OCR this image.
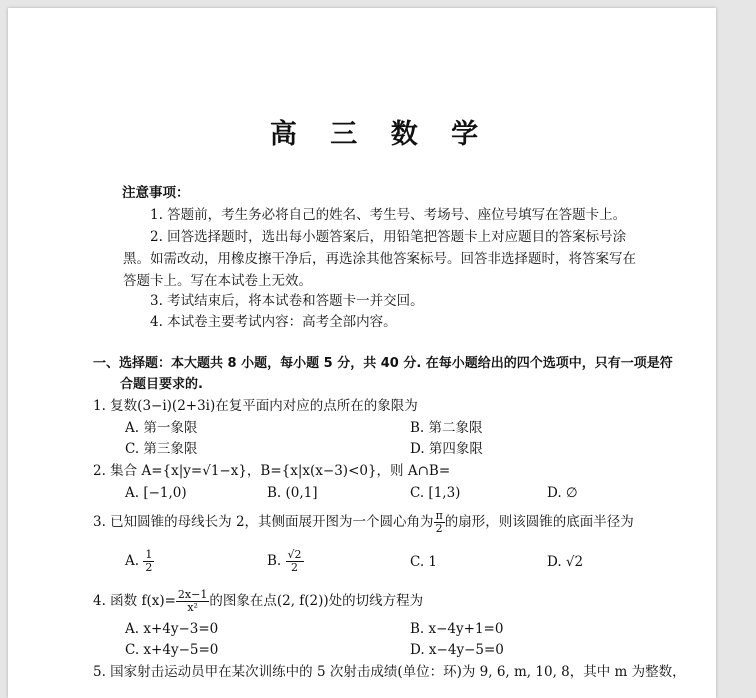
高 三 数 学
注意事项：
1. 答题前，考生务必将自己的姓名、考生号、考场号、座位号填写在答题卡上。
2. 回答选择题时，选出每小题答案后，用铅笔把答题卡上对应题目的答案标号涂
黑。如需改动，用橡皮擦干净后，再选涂其他答案标号。回答非选择题时，将答案写在
答题卡上。写在本试卷上无效。
3. 考试结束后，将本试卷和答题卡一并交回。
4. 本试卷主要考试内容：高考全部内容。
一、选择题：本大题共 8 小题，每小题 5 分，共 40 分. 在每小题给出的四个选项中，只有一项是符
合题目要求的.
1. 复数(3−i)(2+3i)在复平面内对应的点所在的象限为
A. 第一象限	B. 第二象限
C. 第三象限	D. 第四象限
2. 集合 A={x|y=√1−x}，B={x|x(x−3)<0}，则 A∩B=
A. [−1,0)	B. (0,1]	C. [1,3)	D. ∅
3. 已知圆锥的母线长为 2，其侧面展开图为一个圆心角为 $\frac{\pi}{2}$ 的扇形，则该圆锥的底面半径为
A. $\frac{1}{2}$	B. $\frac{√2}{2}$	C. 1	D. √2
4. 函数 $f(x)= \frac{2x-1}{\text{x²}}$ 的图象在点(2, f(2))处的切线方程为
A. x+4y−3=0	B. x−4y+1=0
C. x+4y−5=0	D. x−4y−5=0
5. 国家射击运动员甲在某次训练中的 5 次射击成绩(单位：环)为 9, 6, m, 10, 8，其中 m 为整数，
